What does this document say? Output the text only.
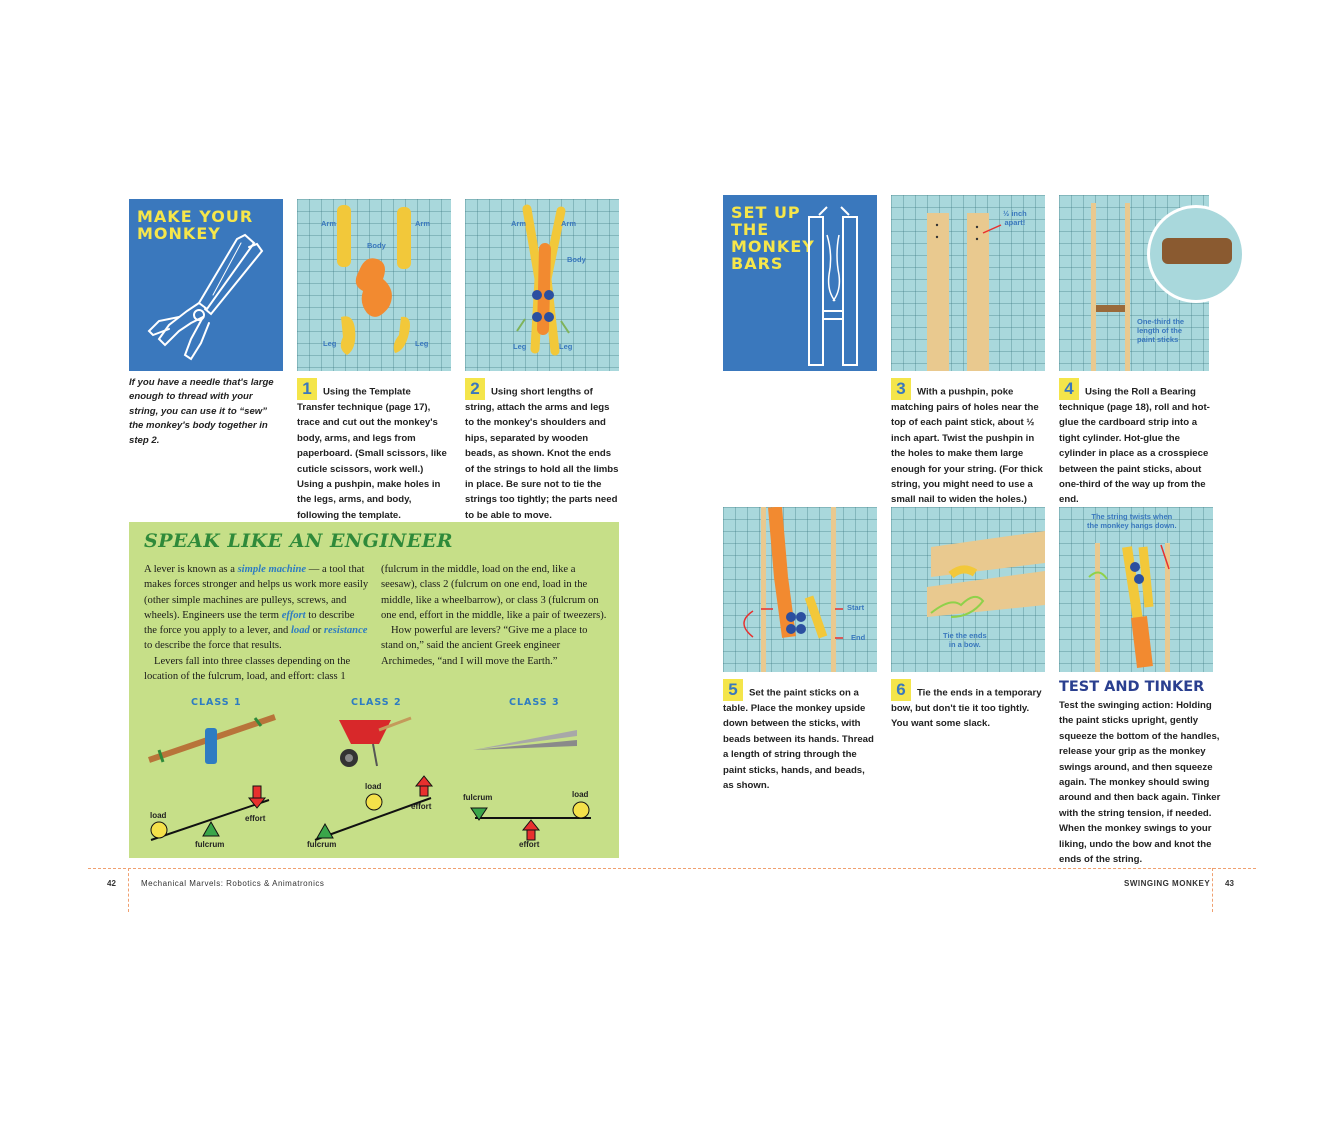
MAKE YOUR
MONKEY
If you have a needle that's large enough to thread with your string, you can use it to “sew” the monkey's body together in step 2.
Arm	Arm
Body
Leg	Leg
Arm	Arm
Body
Leg	Leg
1 Using the Template Transfer technique (page 17), trace and cut out the monkey's body, arms, and legs from paperboard. (Small scissors, like cuticle scissors, work well.) Using a pushpin, make holes in the legs, arms, and body, following the template.
2 Using short lengths of string, attach the arms and legs to the monkey's shoulders and hips, separated by wooden beads, as shown. Knot the ends of the strings to hold all the limbs in place. Be sure not to tie the strings too tightly; the parts need to be able to move.
SPEAK LIKE AN ENGINEER
A lever is known as a simple machine — a tool that makes forces stronger and helps us work more easily (other simple machines are pulleys, screws, and wheels). Engineers use the term effort to describe the force you apply to a lever, and load or resistance to describe the force that results.
Levers fall into three classes depending on the location of the fulcrum, load, and effort: class 1
(fulcrum in the middle, load on the end, like a seesaw), class 2 (fulcrum on one end, load in the middle, like a wheelbarrow), or class 3 (fulcrum on one end, effort in the middle, like a pair of tweezers).
How powerful are levers? “Give me a place to stand on,” said the ancient Greek engineer Archimedes, “and I will move the Earth.”
CLASS 1	CLASS 2	CLASS 3
load	effort
fulcrum
load
effort
fulcrum
fulcrum	load
effort
SET UP
THE
MONKEY
BARS
½ inch
apart!
One-third the
length of the
paint sticks
3 With a pushpin, poke matching pairs of holes near the top of each paint stick, about ½ inch apart. Twist the pushpin in the holes to make them large enough for your string. (For thick string, you might need to use a small nail to widen the holes.)
4 Using the Roll a Bearing technique (page 18), roll and hot-glue the cardboard strip into a tight cylinder. Hot-glue the cylinder in place as a crosspiece between the paint sticks, about one-third of the way up from the end.
Start
End	Tie the ends
in a bow.
The string twists when
the monkey hangs down.
5 Set the paint sticks on a table. Place the monkey upside down between the sticks, with beads between its hands. Thread a length of string through the paint sticks, hands, and beads, as shown.
6 Tie the ends in a temporary bow, but don't tie it too tightly. You want some slack.
TEST AND TINKER
Test the swinging action: Holding the paint sticks upright, gently squeeze the bottom of the handles, release your grip as the monkey swings around, and then squeeze again. The monkey should swing around and then back again. Tinker with the string tension, if needed. When the monkey swings to your liking, undo the bow and knot the ends of the string.
42	Mechanical Marvels: Robotics & Animatronics	SWINGING MONKEY 43
